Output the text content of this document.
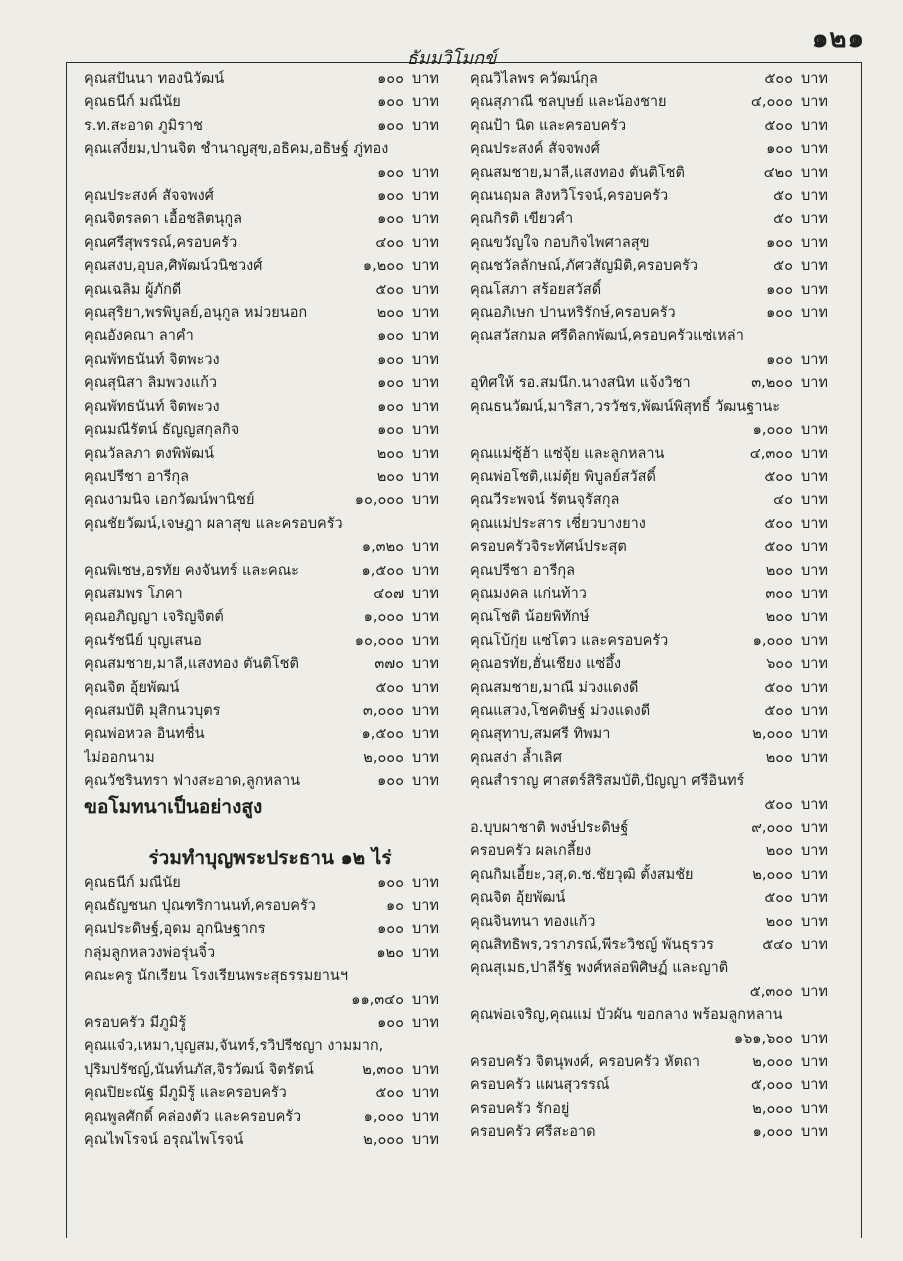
๑๒๑
ธัมมวิโมกข์
คุณสปันนา ทองนิวัฒน์	๑๐๐ บาท
คุณธนีก์ มณีนัย	๑๐๐ บาท
ร.ท.สะอาด ภูมิราช	๑๐๐ บาท
คุณเสงี่ยม,ปานจิต ชำนาญสุข,อธิคม,อธิษฐ์ ภู่ทอง
๑๐๐ บาท
คุณประสงค์ สัจจพงศ์	๑๐๐ บาท
คุณจิตรลดา เอื้อชลิตนุกูล	๑๐๐ บาท
คุณศรีสุพรรณ์,ครอบครัว	๔๐๐ บาท
คุณสงบ,อุบล,ศิพัฒน์วนิชวงศ์	๑,๒๐๐ บาท
คุณเฉลิม ผู้ภักดี	๕๐๐ บาท
คุณสุริยา,พรพิบูลย์,อนุกูล หม่วยนอก	๒๐๐ บาท
คุณอังคณา ลาคำ	๑๐๐ บาท
คุณพัทธนันท์ จิตพะวง	๑๐๐ บาท
คุณสุนิสา ลิมพวงแก้ว	๑๐๐ บาท
คุณพัทธนันท์ จิตพะวง	๑๐๐ บาท
คุณมณีรัตน์ ธัญญสกุลกิจ	๑๐๐ บาท
คุณวัลลภา ตงพิพัฒน์	๒๐๐ บาท
คุณปรีชา อารีกุล	๒๐๐ บาท
คุณงามนิจ เอกวัฒน์พานิชย์	๑๐,๐๐๐ บาท
คุณชัยวัฒน์,เจษฎา ผลาสุข และครอบครัว
๑,๓๒๐ บาท
คุณพิเชษ,อรทัย คงจันทร์ และคณะ	๑,๕๐๐ บาท
คุณสมพร โภคา	๔๐๗ บาท
คุณอภิญญา เจริญจิตต์	๑,๐๐๐ บาท
คุณรัชนีย์ บุญเสนอ	๑๐,๐๐๐ บาท
คุณสมชาย,มาลี,แสงทอง ตันติโชติ	๓๗๐ บาท
คุณจิต อุ้ยพัฒน์	๕๐๐ บาท
คุณสมบัติ มุสิกนวบุตร	๓,๐๐๐ บาท
คุณพ่อหวล อินทชื่น	๑,๕๐๐ บาท
ไม่ออกนาม	๒,๐๐๐ บาท
คุณวัชรินทรา ฟางสะอาด,ลูกหลาน	๑๐๐ บาท
ขอโมทนาเป็นอย่างสูง
ร่วมทำบุญพระประธาน ๑๒ ไร่
คุณธนีก์ มณีนัย	๑๐๐ บาท
คุณธัญชนก ปุณฑริกานนท์,ครอบครัว	๑๐ บาท
คุณประดิษฐ์,อุดม อุกนิษฐากร	๑๐๐ บาท
กลุ่มลูกหลวงพ่อรุ่นจิ๋ว	๑๒๐ บาท
คณะครู นักเรียน โรงเรียนพระสุธรรมยานฯ
๑๑,๓๔๐ บาท
ครอบครัว มีภูมิรู้	๑๐๐ บาท
คุณแจ๋ว,เหมา,บุญสม,จันทร์,รวิปรีชญา งามมาก,
ปุริมปรัชญ์,นันท์นภัส,จิรวัฒน์ จิตรัตน์	๒,๓๐๐ บาท
คุณปิยะณัฐ มีภูมิรู้ และครอบครัว	๕๐๐ บาท
คุณพูลศักดิ์ คล่องตัว และครอบครัว	๑,๐๐๐ บาท
คุณไพโรจน์ อรุณไพโรจน์	๒,๐๐๐ บาท
คุณวิไลพร ควัฒน์กุล	๕๐๐ บาท
คุณสุภาณี ชลบุษย์ และน้องชาย	๔,๐๐๐ บาท
คุณป้า นิด และครอบครัว	๕๐๐ บาท
คุณประสงค์ สัจจพงศ์	๑๐๐ บาท
คุณสมชาย,มาลี,แสงทอง ตันติโชติ	๔๒๐ บาท
คุณนฤมล สิงหวิโรจน์,ครอบครัว	๕๐ บาท
คุณกิรติ เขียวคำ	๕๐ บาท
คุณขวัญใจ กอบกิจไพศาลสุข	๑๐๐ บาท
คุณชวัลลักษณ์,ภัศวสัญมิติ,ครอบครัว	๕๐ บาท
คุณโสภา สร้อยสวัสดิ์	๑๐๐ บาท
คุณอภิเษก ปานหริรักษ์,ครอบครัว	๑๐๐ บาท
คุณสวัสกมล ศรีดิลกพัฒน์,ครอบครัวแซ่เหล่า
๑๐๐ บาท
อุทิศให้ รอ.สมนึก.นางสนิท แจ้งวิชา	๓,๒๐๐ บาท
คุณธนวัฒน์,มาริสา,วรวัชร,พัฒน์พิสุทธิ์ วัฒนฐานะ
๑,๐๐๐ บาท
คุณแม่ซุ้ฮ้า แซ่จุ้ย และลูกหลาน	๔,๓๐๐ บาท
คุณพ่อโชติ,แม่ตุ้ย พิบูลย์สวัสดิ์	๕๐๐ บาท
คุณวีระพจน์ รัตนจุรัสกุล	๔๐ บาท
คุณแม่ประสาร เชี่ยวบางยาง	๕๐๐ บาท
ครอบครัวจิระทัศน์ประสุต	๕๐๐ บาท
คุณปรีชา อารีกุล	๒๐๐ บาท
คุณมงคล แก่นท้าว	๓๐๐ บาท
คุณโชติ น้อยพิทักษ์	๒๐๐ บาท
คุณโบ้กุ่ย แซ่โตว และครอบครัว	๑,๐๐๐ บาท
คุณอรทัย,ฮั่นเชียง แซ่อึ้ง	๖๐๐ บาท
คุณสมชาย,มาณี ม่วงแดงดี	๕๐๐ บาท
คุณแสวง,โชคดิษฐ์ ม่วงแดงดี	๕๐๐ บาท
คุณสุทาบ,สมศรี ทิพมา	๒,๐๐๐ บาท
คุณสง่า ล้ำเลิศ	๒๐๐ บาท
คุณสำราญ ศาสตร์สิริสมบัติ,ปัญญา ศรีอินทร์
๕๐๐ บาท
อ.บุบผาชาติ พงษ์ประดิษฐ์	๙,๐๐๐ บาท
ครอบครัว ผลเกลี้ยง	๒๐๐ บาท
คุณกิมเอี้ยะ,วสุ,ด.ช.ชัยวุฒิ ตั้งสมชัย	๒,๐๐๐ บาท
คุณจิต อุ้ยพัฒน์	๕๐๐ บาท
คุณจินทนา ทองแก้ว	๒๐๐ บาท
คุณสิทธิพร,วราภรณ์,พีระวิชญ์ พันธุรวร	๕๔๐ บาท
คุณสุเมธ,ปาลีรัฐ พงศ์หล่อพิศิษฏ์ และญาติ
๕,๓๐๐ บาท
คุณพ่อเจริญ,คุณแม่ บัวผัน ขอกลาง พร้อมลูกหลาน
๑๖๑,๖๐๐ บาท
ครอบครัว จิตนุพงศ์, ครอบครัว หัตถา	๒,๐๐๐ บาท
ครอบครัว แผนสุวรรณ์	๕,๐๐๐ บาท
ครอบครัว รักอยู่	๒,๐๐๐ บาท
ครอบครัว ศรีสะอาด	๑,๐๐๐ บาท
